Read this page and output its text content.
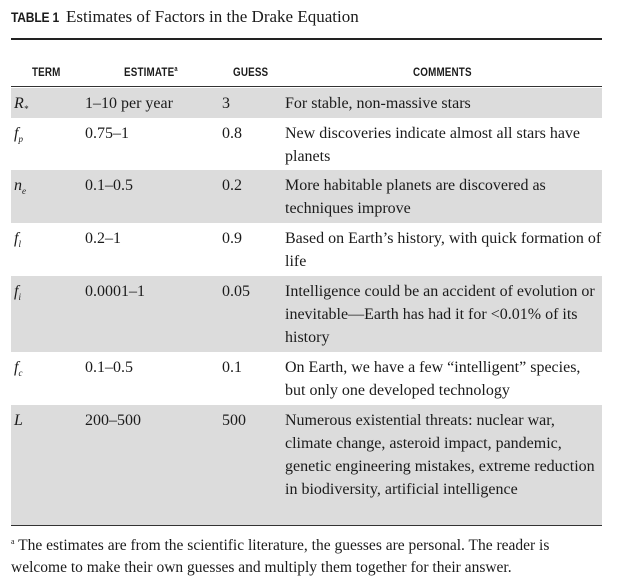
TABLE 1 Estimates of Factors in the Drake Equation
TERM	ESTIMATE$^a$	GUESS	COMMENTS
$R_*$	1–10 per year	3	For stable, non-massive stars
$f_p$	0.75–1	0.8	New discoveries indicate almost all stars have planets
$n_e$	0.1–0.5	0.2	More habitable planets are discovered as techniques improve
$f_l$	0.2–1	0.9	Based on Earth’s history, with quick formation of life
$f_i$	0.0001–1	0.05 Intelligence could be an accident of evolution or inevitable—Earth has had it for <0.01% of its history
$f_c$	0.1–0.5	0.1	On Earth, we have a few “intelligent” species, but only one developed technology
L	200–500	500 Numerous existential threats: nuclear war, climate change, asteroid impact, pandemic, genetic engineering mistakes, extreme reduction in biodiversity, artificial intelligence
$^a$ The estimates are from the scientific literature, the guesses are personal. The reader is welcome to make their own guesses and multiply them together for their answer.
